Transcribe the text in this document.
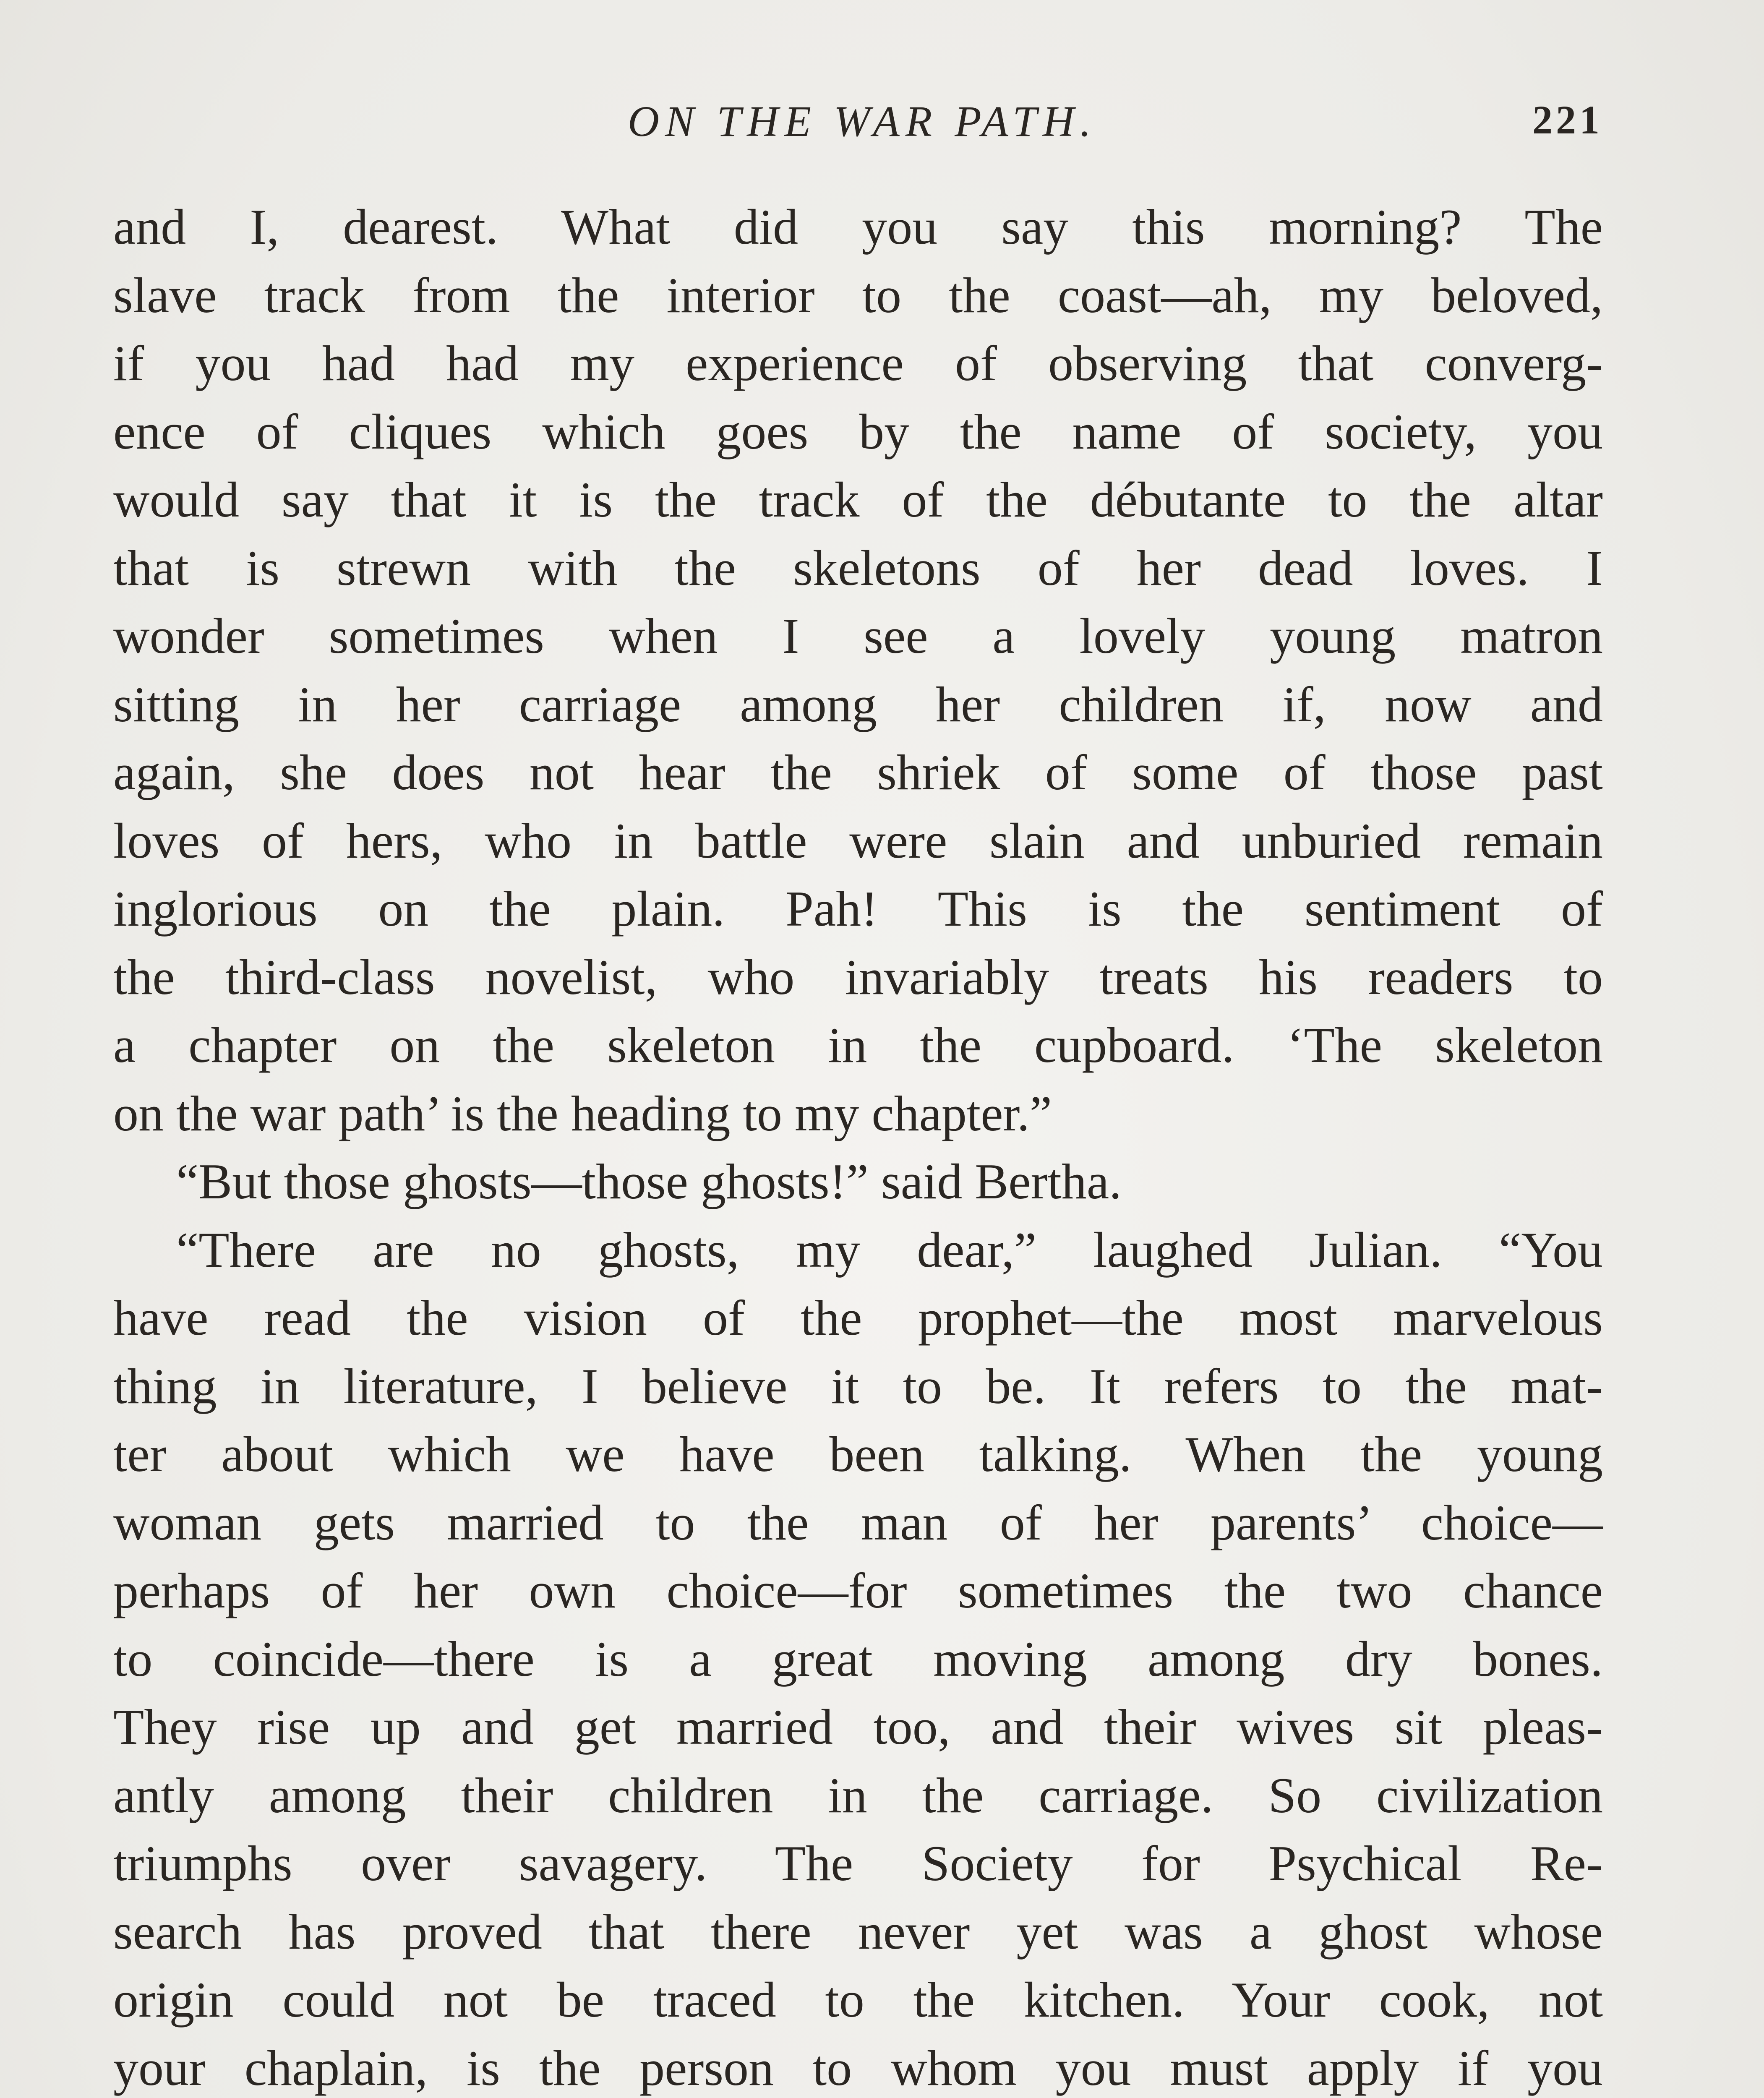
ON THE WAR PATH.	221
and I, dearest. What did you say this morning? The
slave track from the interior to the coast—ah, my beloved,
if you had had my experience of observing that converg-
ence of cliques which goes by the name of society, you
would say that it is the track of the débutante to the altar
that is strewn with the skeletons of her dead loves. I
wonder sometimes when I see a lovely young matron
sitting in her carriage among her children if, now and
again, she does not hear the shriek of some of those past
loves of hers, who in battle were slain and unburied remain
inglorious on the plain. Pah! This is the sentiment of
the third-class novelist, who invariably treats his readers to
a chapter on the skeleton in the cupboard. ‘The skeleton
on the war path’ is the heading to my chapter.”
“But those ghosts—those ghosts!” said Bertha.
“There are no ghosts, my dear,” laughed Julian. “You
have read the vision of the prophet—the most marvelous
thing in literature, I believe it to be. It refers to the mat-
ter about which we have been talking. When the young
woman gets married to the man of her parents’ choice—
perhaps of her own choice—for sometimes the two chance
to coincide—there is a great moving among dry bones.
They rise up and get married too, and their wives sit pleas-
antly among their children in the carriage. So civilization
triumphs over savagery. The Society for Psychical Re-
search has proved that there never yet was a ghost whose
origin could not be traced to the kitchen. Your cook, not
your chaplain, is the person to whom you must apply if you
